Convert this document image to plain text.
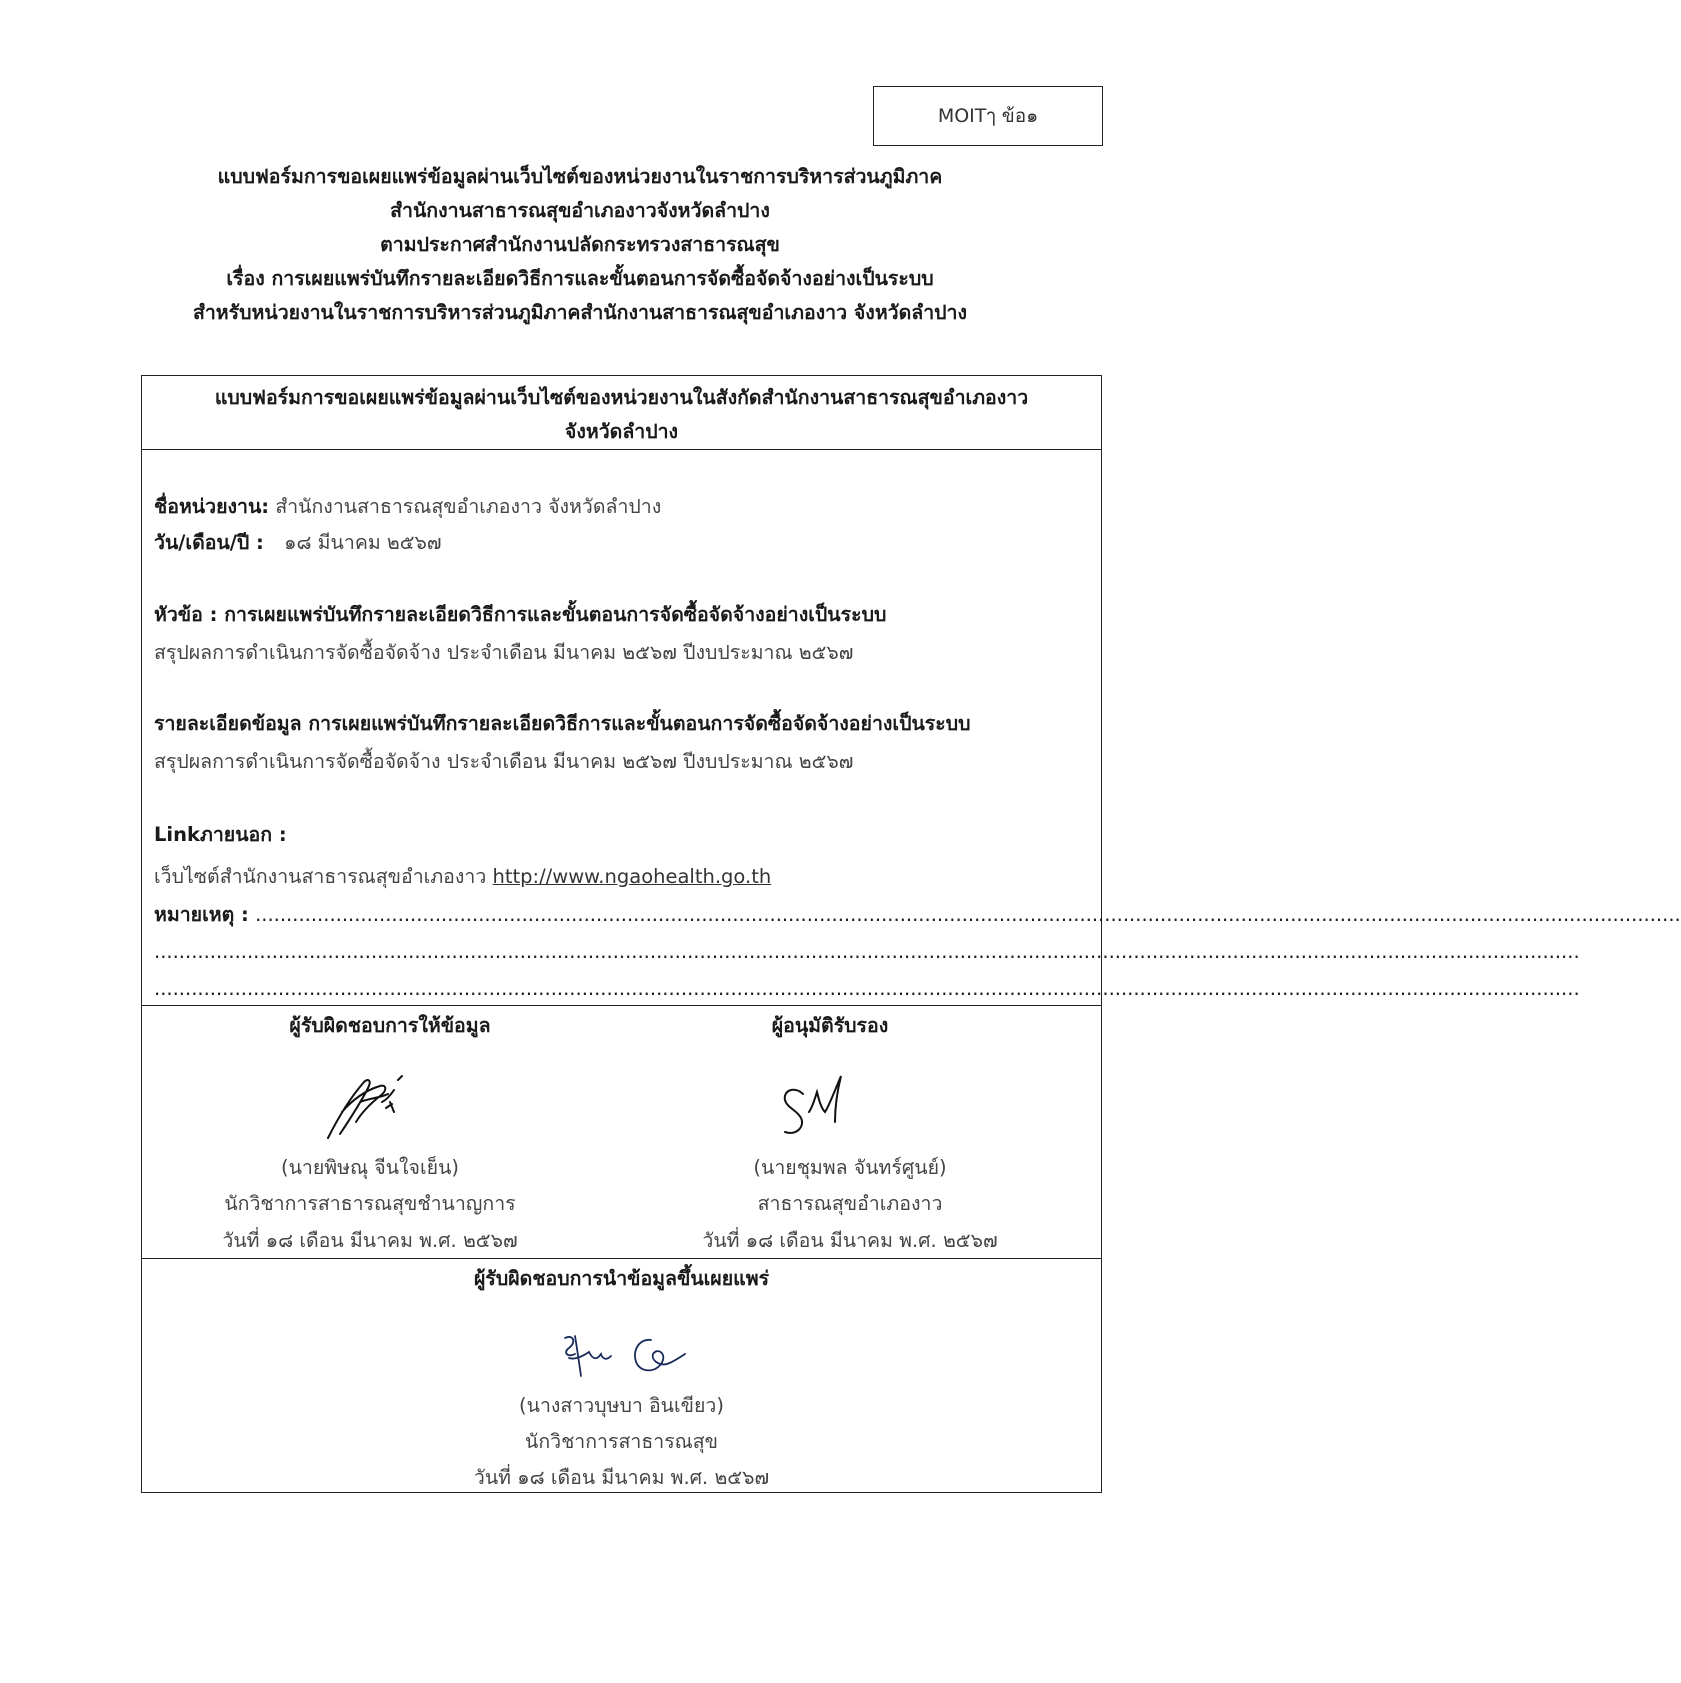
MOITๅ ข้อ๑
แบบฟอร์มการขอเผยแพร่ข้อมูลผ่านเว็บไซต์ของหน่วยงานในราชการบริหารส่วนภูมิภาค
สำนักงานสาธารณสุขอำเภองาวจังหวัดลำปาง
ตามประกาศสำนักงานปลัดกระทรวงสาธารณสุข
เรื่อง การเผยแพร่บันทึกรายละเอียดวิธีการและขั้นตอนการจัดซื้อจัดจ้างอย่างเป็นระบบ
สำหรับหน่วยงานในราชการบริหารส่วนภูมิภาคสำนักงานสาธารณสุขอำเภองาว จังหวัดลำปาง
แบบฟอร์มการขอเผยแพร่ข้อมูลผ่านเว็บไซต์ของหน่วยงานในสังกัดสำนักงานสาธารณสุขอำเภองาว
จังหวัดลำปาง
ชื่อหน่วยงาน: สำนักงานสาธารณสุขอำเภองาว จังหวัดลำปาง
วัน/เดือน/ปี : ๑๘ มีนาคม ๒๕๖๗
หัวข้อ : การเผยแพร่บันทึกรายละเอียดวิธีการและขั้นตอนการจัดซื้อจัดจ้างอย่างเป็นระบบ
สรุปผลการดำเนินการจัดซื้อจัดจ้าง ประจำเดือน มีนาคม ๒๕๖๗ ปีงบประมาณ ๒๕๖๗
รายละเอียดข้อมูล การเผยแพร่บันทึกรายละเอียดวิธีการและขั้นตอนการจัดซื้อจัดจ้างอย่างเป็นระบบ
สรุปผลการดำเนินการจัดซื้อจัดจ้าง ประจำเดือน มีนาคม ๒๕๖๗ ปีงบประมาณ ๒๕๖๗
Linkภายนอก :
เว็บไซต์สำนักงานสาธารณสุขอำเภองาว http://www.ngaohealth.go.th
หมายเหตุ : ......................................................................................................................................................................................................................................
......................................................................................................................................................................................................................................
......................................................................................................................................................................................................................................
ผู้รับผิดชอบการให้ข้อมูล	ผู้อนุมัติรับรอง
(นายพิษณุ จีนใจเย็น)
นักวิชาการสาธารณสุขชำนาญการ
วันที่ ๑๘ เดือน มีนาคม พ.ศ. ๒๕๖๗
(นายชุมพล จันทร์ศูนย์)
สาธารณสุขอำเภองาว
วันที่ ๑๘ เดือน มีนาคม พ.ศ. ๒๕๖๗
ผู้รับผิดชอบการนำข้อมูลขึ้นเผยแพร่
(นางสาวบุษบา อินเขียว)
นักวิชาการสาธารณสุข
วันที่ ๑๘ เดือน มีนาคม พ.ศ. ๒๕๖๗
